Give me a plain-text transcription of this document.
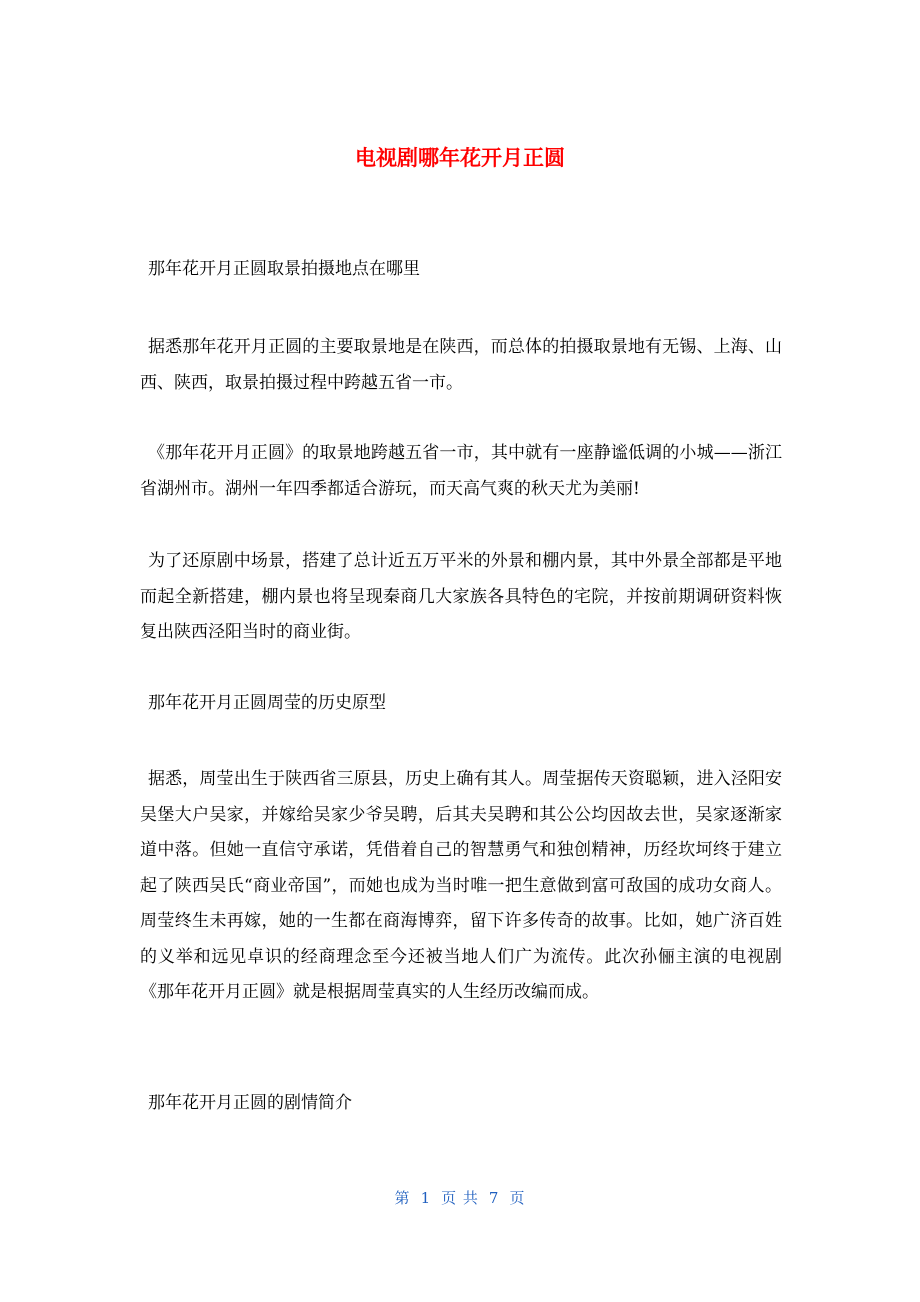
电视剧哪年花开月正圆

那年花开月正圆取景拍摄地点在哪里

据悉那年花开月正圆的主要取景地是在陕西，而总体的拍摄取景地有无锡、上海、山西、陕西，取景拍摄过程中跨越五省一市。

《那年花开月正圆》的取景地跨越五省一市，其中就有一座静谧低调的小城——浙江省湖州市。湖州一年四季都适合游玩，而天高气爽的秋天尤为美丽!

为了还原剧中场景，搭建了总计近五万平米的外景和棚内景，其中外景全部都是平地而起全新搭建，棚内景也将呈现秦商几大家族各具特色的宅院，并按前期调研资料恢复出陕西泾阳当时的商业街。

那年花开月正圆周莹的历史原型

据悉，周莹出生于陕西省三原县，历史上确有其人。周莹据传天资聪颖，进入泾阳安吴堡大户吴家，并嫁给吴家少爷吴聘，后其夫吴聘和其公公均因故去世，吴家逐渐家道中落。但她一直信守承诺，凭借着自己的智慧勇气和独创精神，历经坎坷终于建立起了陕西吴氏“商业帝国”，而她也成为当时唯一把生意做到富可敌国的成功女商人。周莹终生未再嫁，她的一生都在商海博弈，留下许多传奇的故事。比如，她广济百姓的义举和远见卓识的经商理念至今还被当地人们广为流传。此次孙俪主演的电视剧《那年花开月正圆》就是根据周莹真实的人生经历改编而成。

那年花开月正圆的剧情简介

第 1 页 共 7 页
